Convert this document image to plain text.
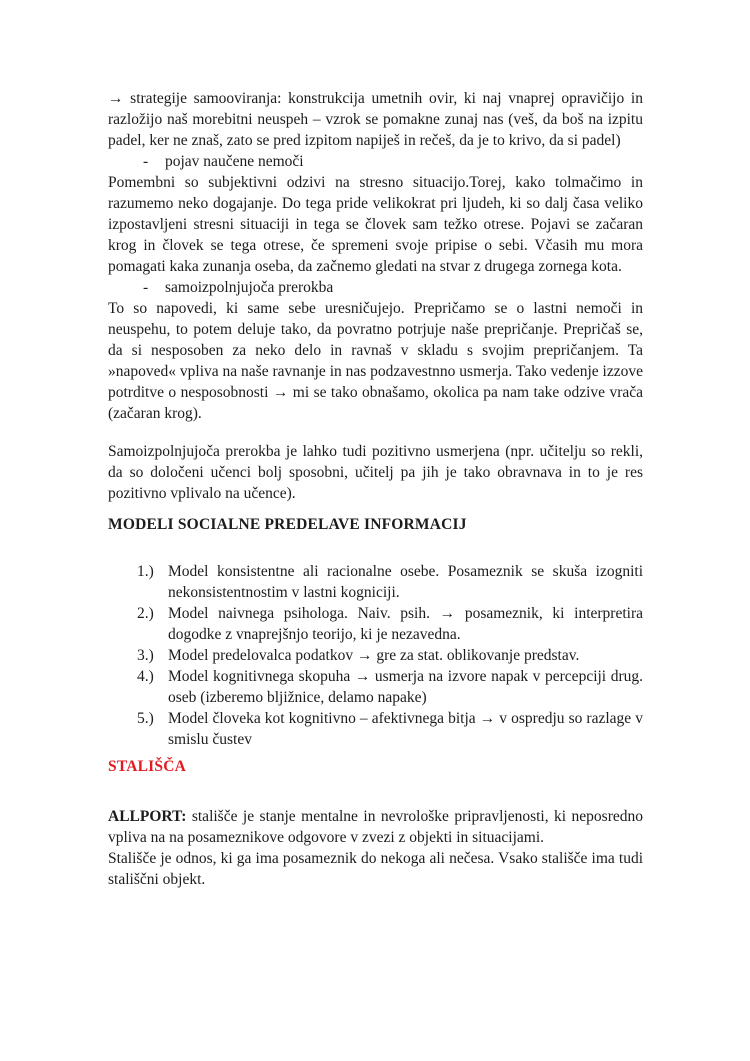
→ strategije samooviranja: konstrukcija umetnih ovir, ki naj vnaprej opravičijo in razložijo naš morebitni neuspeh – vzrok se pomakne zunaj nas (veš, da boš na izpitu padel, ker ne znaš, zato se pred izpitom napiješ in rečeš, da je to krivo, da si padel)

-	pojav naučene nemoči

Pomembni so subjektivni odzivi na stresno situacijo.Torej, kako tolmačimo in razumemo neko dogajanje. Do tega pride velikokrat pri ljudeh, ki so dalj časa veliko izpostavljeni stresni situaciji in tega se človek sam težko otrese. Pojavi se začaran krog in človek se tega otrese, če spremeni svoje pripise o sebi. Včasih mu mora pomagati kaka zunanja oseba, da začnemo gledati na stvar z drugega zornega kota.

-	samoizpolnjujoča prerokba

To so napovedi, ki same sebe uresničujejo. Prepričamo se o lastni nemoči in neuspehu, to potem deluje tako, da povratno potrjuje naše prepričanje. Prepričaš se, da si nesposoben za neko delo in ravnaš v skladu s svojim prepričanjem. Ta »napoved« vpliva na naše ravnanje in nas podzavestnno usmerja. Tako vedenje izzove potrditve o nesposobnosti → mi se tako obnašamo, okolica pa nam take odzive vrača (začaran krog).

Samoizpolnjujoča prerokba je lahko tudi pozitivno usmerjena (npr. učitelju so rekli, da so določeni učenci bolj sposobni, učitelj pa jih je tako obravnava in to je res pozitivno vplivalo na učence).

MODELI SOCIALNE PREDELAVE INFORMACIJ
1.) Model konsistentne ali racionalne osebe. Posameznik se skuša izogniti nekonsistentnostim v lastni kogniciji.
2.) Model naivnega psihologa. Naiv. psih. → posameznik, ki interpretira dogodke z vnaprejšnjo teorijo, ki je nezavedna.
3.) Model predelovalca podatkov → gre za stat. oblikovanje predstav.
4.) Model kognitivnega skopuha → usmerja na izvore napak v percepciji drug. oseb (izberemo bljižnice, delamo napake)
5.) Model človeka kot kognitivno – afektivnega bitja → v ospredju so razlage v smislu čustev
STALIŠČA

ALLPORT: stališče je stanje mentalne in nevrološke pripravljenosti, ki neposredno vpliva na na posameznikove odgovore v zvezi z objekti in situacijami.

Stališče je odnos, ki ga ima posameznik do nekoga ali nečesa. Vsako stališče ima tudi stališčni objekt.
